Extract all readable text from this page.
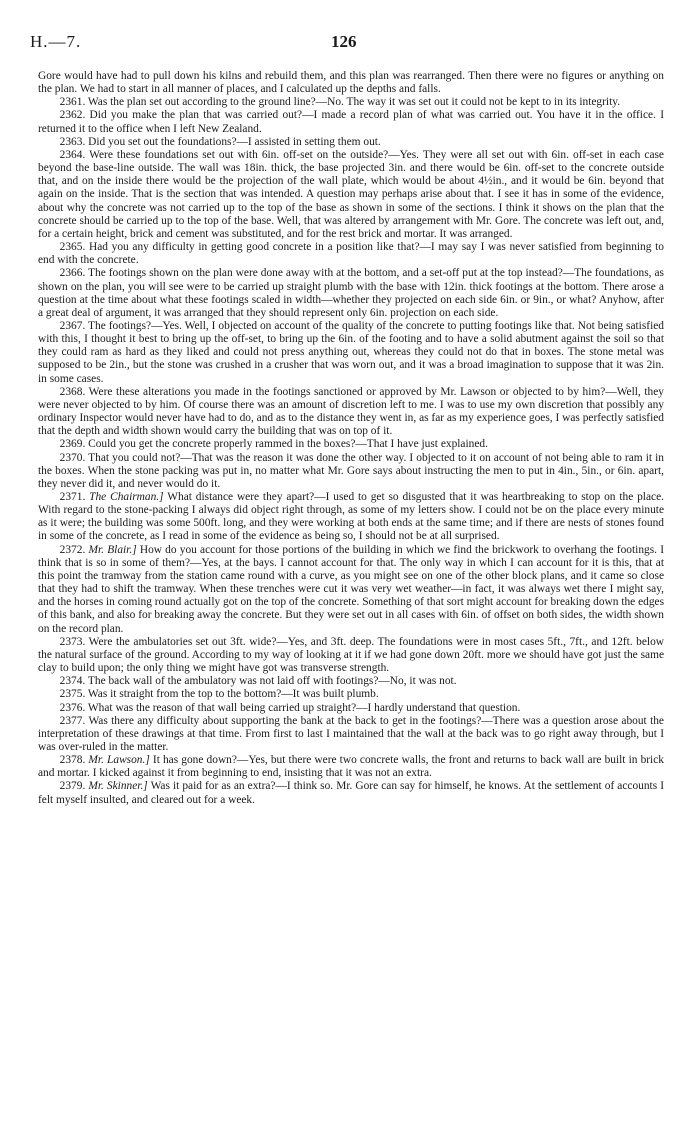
H.—7.	126

Gore would have had to pull down his kilns and rebuild them, and this plan was rearranged. Then there were no figures or anything on the plan. We had to start in all manner of places, and I calculated up the depths and falls.

2361. Was the plan set out according to the ground line?—No. The way it was set out it could not be kept to in its integrity.

2362. Did you make the plan that was carried out?—I made a record plan of what was carried out. You have it in the office. I returned it to the office when I left New Zealand.

2363. Did you set out the foundations?—I assisted in setting them out.

2364. Were these foundations set out with 6in. off-set on the outside?—Yes. They were all set out with 6in. off-set in each case beyond the base-line outside. The wall was 18in. thick, the base projected 3in. and there would be 6in. off-set to the concrete outside that, and on the inside there would be the projection of the wall plate, which would be about 4½in., and it would be 6in. beyond that again on the inside. That is the section that was intended. A question may perhaps arise about that. I see it has in some of the evidence, about why the concrete was not carried up to the top of the base as shown in some of the sections. I think it shows on the plan that the concrete should be carried up to the top of the base. Well, that was altered by arrangement with Mr. Gore. The concrete was left out, and, for a certain height, brick and cement was substituted, and for the rest brick and mortar. It was arranged.

2365. Had you any difficulty in getting good concrete in a position like that?—I may say I was never satisfied from beginning to end with the concrete.

2366. The footings shown on the plan were done away with at the bottom, and a set-off put at the top instead?—The foundations, as shown on the plan, you will see were to be carried up straight plumb with the base with 12in. thick footings at the bottom. There arose a question at the time about what these footings scaled in width—whether they projected on each side 6in. or 9in., or what? Anyhow, after a great deal of argument, it was arranged that they should represent only 6in. projection on each side.

2367. The footings?—Yes. Well, I objected on account of the quality of the concrete to putting footings like that. Not being satisfied with this, I thought it best to bring up the off-set, to bring up the 6in. of the footing and to have a solid abutment against the soil so that they could ram as hard as they liked and could not press anything out, whereas they could not do that in boxes. The stone metal was supposed to be 2in., but the stone was crushed in a crusher that was worn out, and it was a broad imagination to suppose that it was 2in. in some cases.

2368. Were these alterations you made in the footings sanctioned or approved by Mr. Lawson or objected to by him?—Well, they were never objected to by him. Of course there was an amount of discretion left to me. I was to use my own discretion that possibly any ordinary Inspector would never have had to do, and as to the distance they went in, as far as my experience goes, I was perfectly satisfied that the depth and width shown would carry the building that was on top of it.

2369. Could you get the concrete properly rammed in the boxes?—That I have just explained.

2370. That you could not?—That was the reason it was done the other way. I objected to it on account of not being able to ram it in the boxes. When the stone packing was put in, no matter what Mr. Gore says about instructing the men to put in 4in., 5in., or 6in. apart, they never did it, and never would do it.

2371. The Chairman.] What distance were they apart?—I used to get so disgusted that it was heartbreaking to stop on the place. With regard to the stone-packing I always did object right through, as some of my letters show. I could not be on the place every minute as it were; the building was some 500ft. long, and they were working at both ends at the same time; and if there are nests of stones found in some of the concrete, as I read in some of the evidence as being so, I should not be at all surprised.

2372. Mr. Blair.] How do you account for those portions of the building in which we find the brickwork to overhang the footings. I think that is so in some of them?—Yes, at the bays. I cannot account for that. The only way in which I can account for it is this, that at this point the tramway from the station came round with a curve, as you might see on one of the other block plans, and it came so close that they had to shift the tramway. When these trenches were cut it was very wet weather—in fact, it was always wet there I might say, and the horses in coming round actually got on the top of the concrete. Something of that sort might account for breaking down the edges of this bank, and also for breaking away the concrete. But they were set out in all cases with 6in. of offset on both sides, the width shown on the record plan.

2373. Were the ambulatories set out 3ft. wide?—Yes, and 3ft. deep. The foundations were in most cases 5ft., 7ft., and 12ft. below the natural surface of the ground. According to my way of looking at it if we had gone down 20ft. more we should have got just the same clay to build upon; the only thing we might have got was transverse strength.

2374. The back wall of the ambulatory was not laid off with footings?—No, it was not.

2375. Was it straight from the top to the bottom?—It was built plumb.

2376. What was the reason of that wall being carried up straight?—I hardly understand that question.

2377. Was there any difficulty about supporting the bank at the back to get in the footings?—There was a question arose about the interpretation of these drawings at that time. From first to last I maintained that the wall at the back was to go right away through, but I was over-ruled in the matter.

2378. Mr. Lawson.] It has gone down?—Yes, but there were two concrete walls, the front and returns to back wall are built in brick and mortar. I kicked against it from beginning to end, insisting that it was not an extra.

2379. Mr. Skinner.] Was it paid for as an extra?—I think so. Mr. Gore can say for himself, he knows. At the settlement of accounts I felt myself insulted, and cleared out for a week.
